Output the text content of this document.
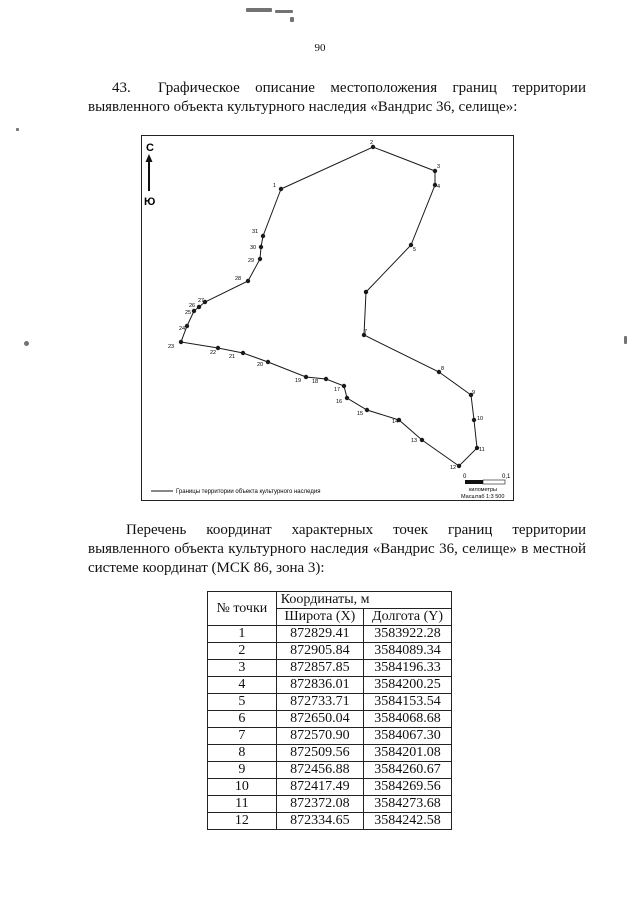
90
43. Графическое описание местоположения границ территории выявленного объекта культурного наследия «Вандрис 36, селище»:
С
Ю
1
2
3
4
5
6
7
8
9
10
11
12
13
14
15
16
17
18
19
20
21
22
23
24
25
26
27
28
29
30
31
Границы территории объекта культурного наследия
0	0,1
километры
Масштаб 1:3 500
Перечень координат характерных точек границ территории выявленного объекта культурного наследия «Вандрис 36, селище» в местной системе координат (МСК 86, зона 3):
№ точки	Координаты, м	
	Широта (X)	Долгота (Y)
1	872829.41	3583922.28
2	872905.84	3584089.34
3	872857.85	3584196.33
4	872836.01	3584200.25
5	872733.71	3584153.54
6	872650.04	3584068.68
7	872570.90	3584067.30
8	872509.56	3584201.08
9	872456.88	3584260.67
10	872417.49	3584269.56
11	872372.08	3584273.68
12	872334.65	3584242.58
